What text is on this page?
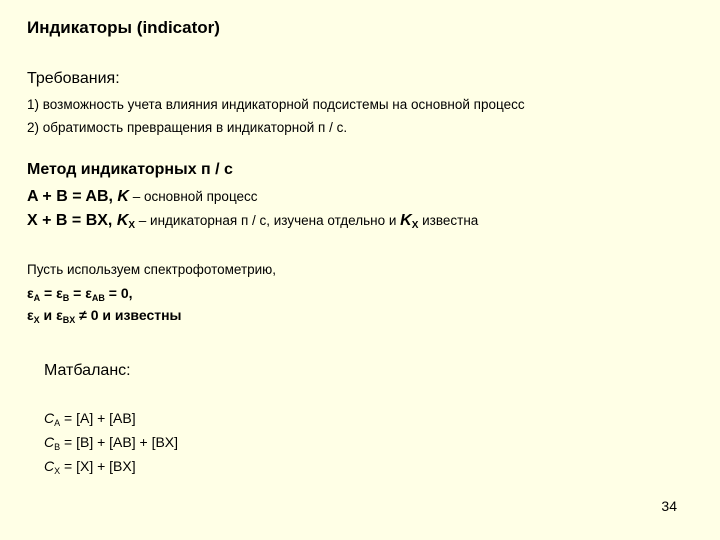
Индикаторы (indicator)
Требования:
1) возможность учета влияния индикаторной подсистемы на основной процесс
2) обратимость превращения в индикаторной п / с.
Метод индикаторных п / с
A + B = AB, K – основной процесс
X + B = BX, $K_X$ – индикаторная п / с, изучена отдельно и $K_X$ известна
Пусть используем спектрофотометрию,
$\varepsilon_A = \varepsilon_B = \varepsilon_{AB} = 0$,
$\varepsilon_X$ и $\varepsilon_{BX} \ne 0$ и известны
Матбаланс:
$C_A = [A] + [AB]$
$C_B = [B] + [AB] + [BX]$
$C_X = [X] + [BX]$
34
